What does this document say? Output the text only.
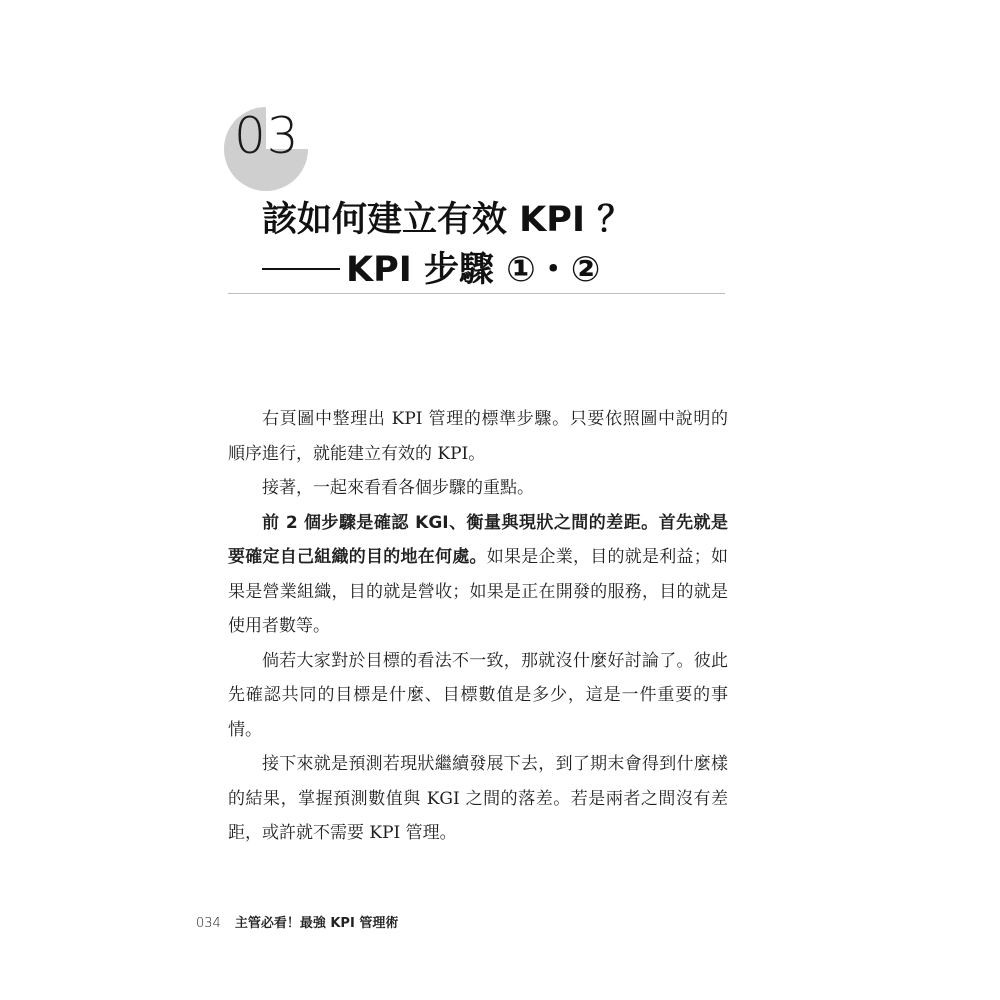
03
該如何建立有效 KPI ？
KPI 步驟 ①・②

右頁圖中整理出 KPI 管理的標準步驟。只要依照圖中說明的順序進行，就能建立有效的 KPI。

接著，一起來看看各個步驟的重點。

前 2 個步驟是確認 KGI、衡量與現狀之間的差距。首先就是要確定自己組織的目的地在何處。如果是企業，目的就是利益；如果是營業組織，目的就是營收；如果是正在開發的服務，目的就是使用者數等。

倘若大家對於目標的看法不一致，那就沒什麼好討論了。彼此先確認共同的目標是什麼、目標數值是多少，這是一件重要的事情。

接下來就是預測若現狀繼續發展下去，到了期末會得到什麼樣的結果，掌握預測數值與 KGI 之間的落差。若是兩者之間沒有差距，或許就不需要 KPI 管理。

034 主管必看！最強 KPI 管理術
